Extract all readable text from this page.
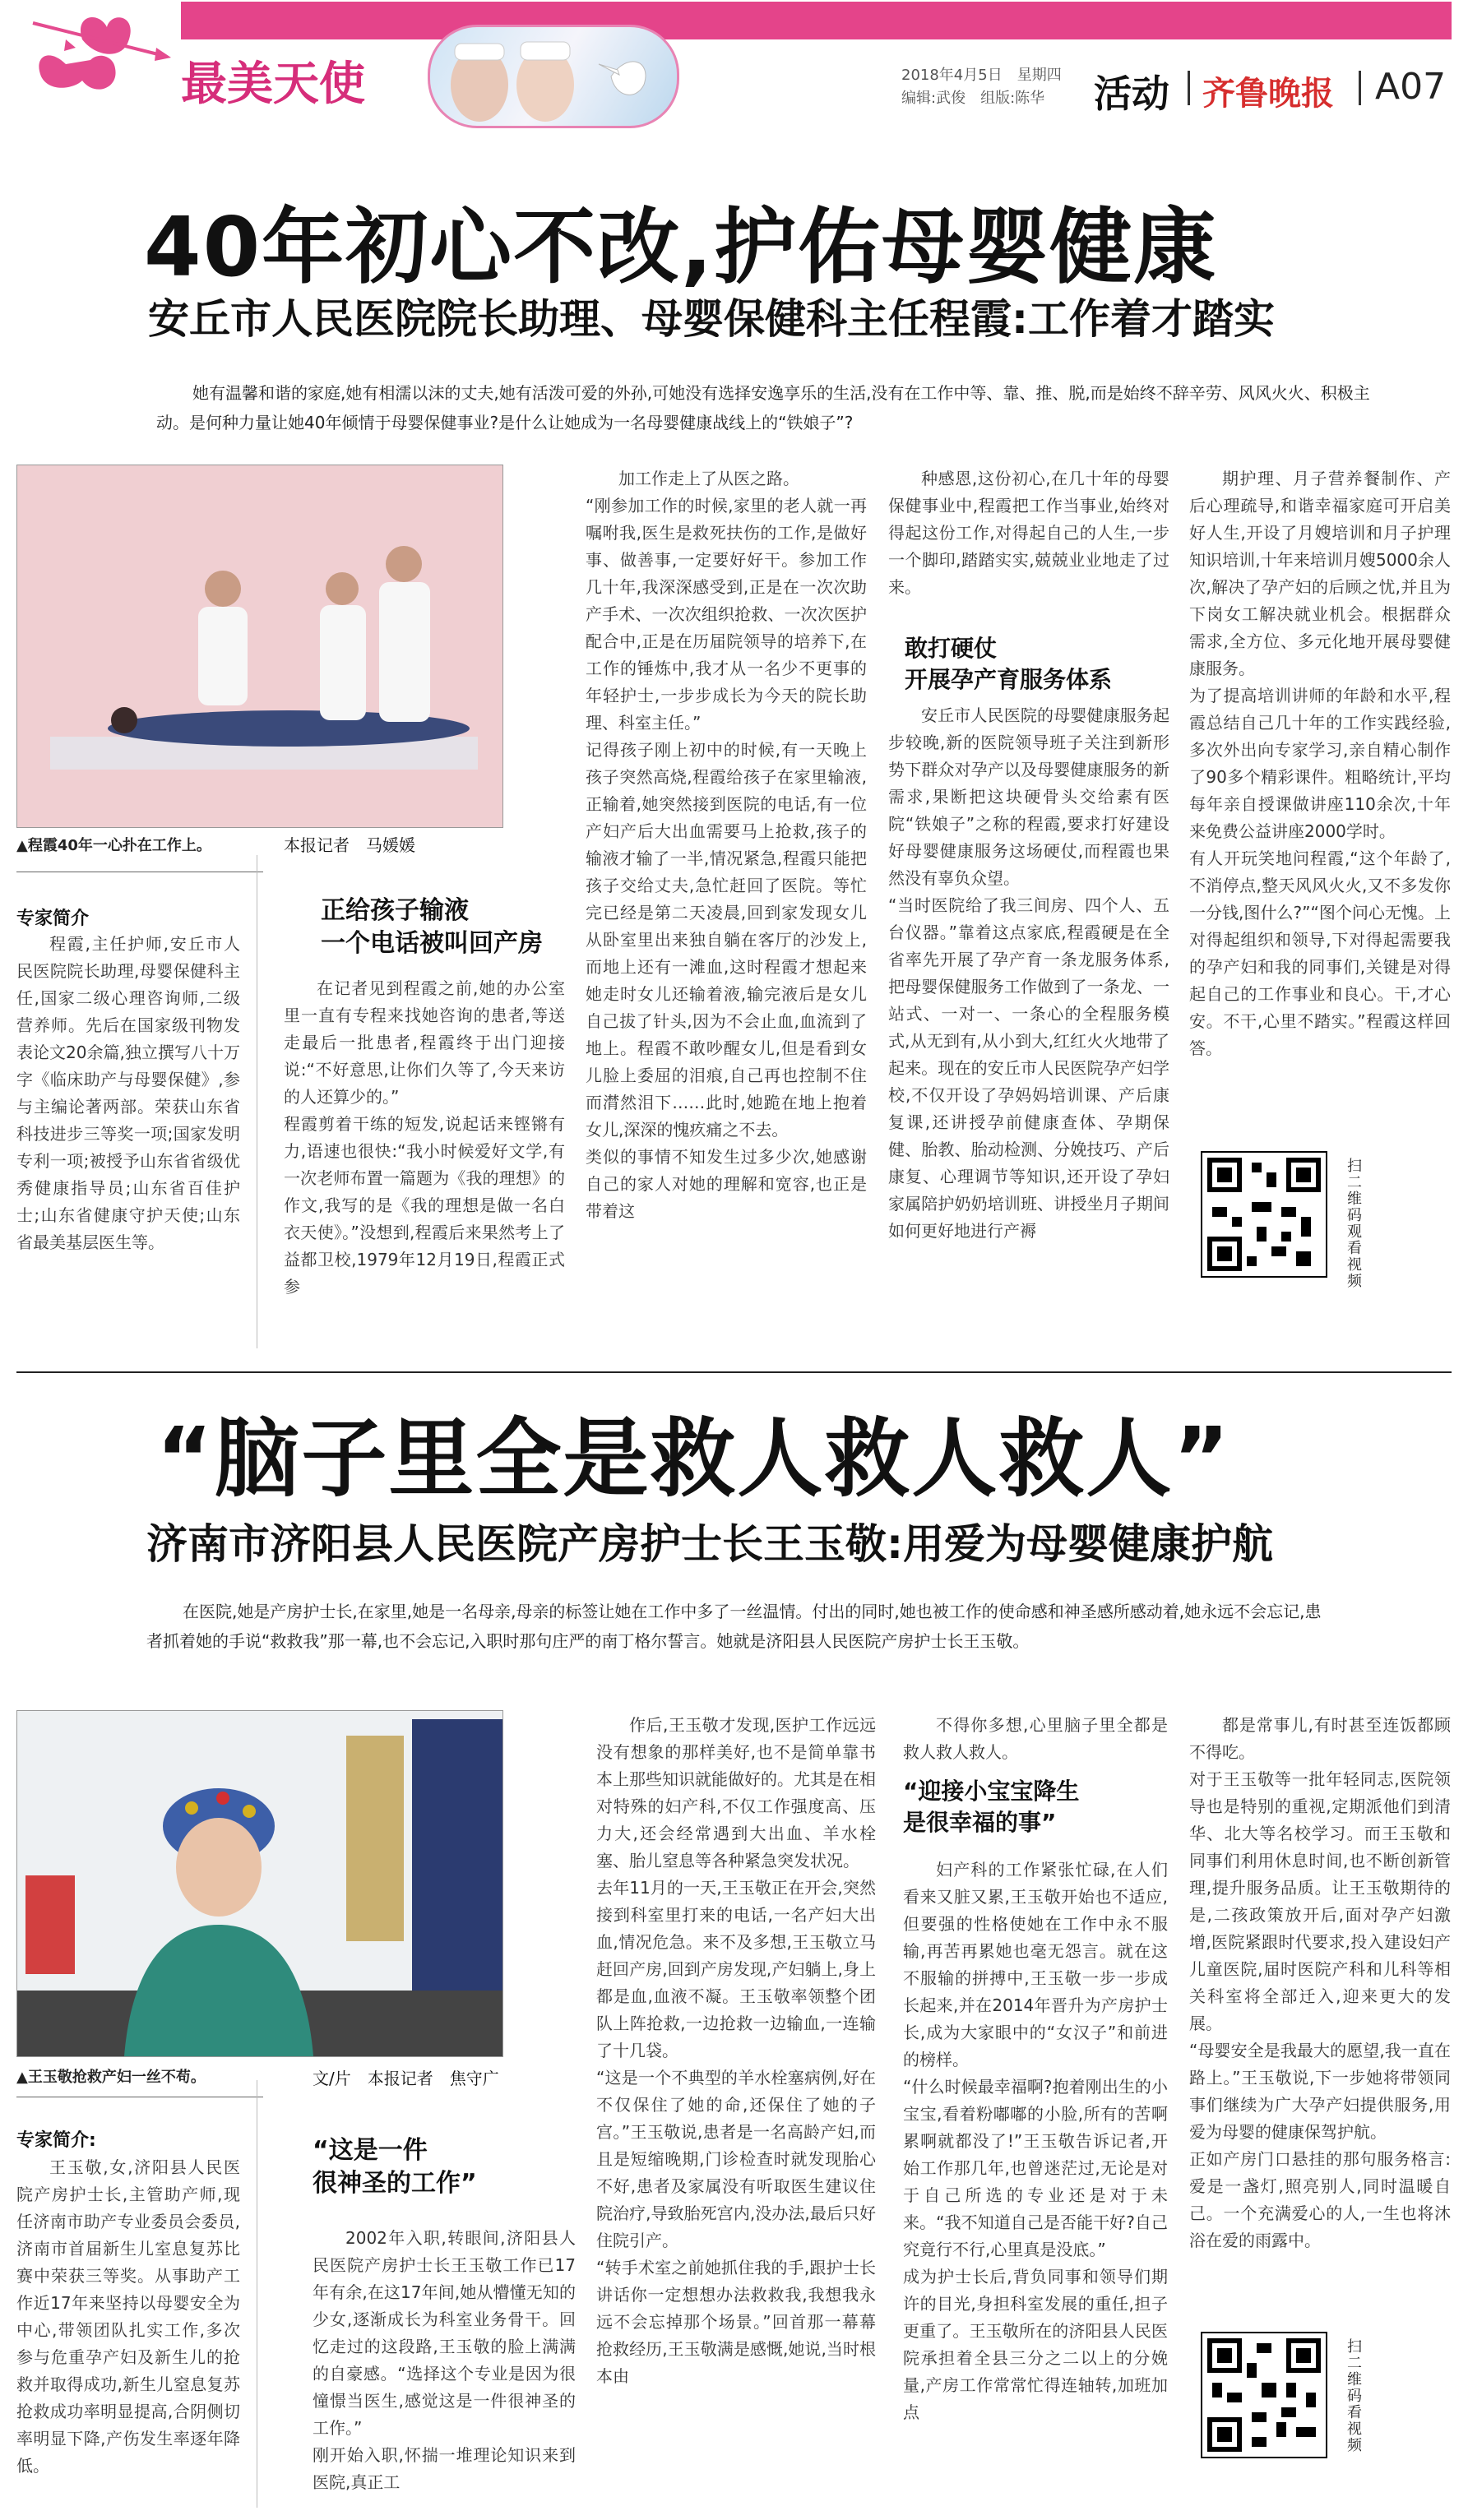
最美天使	2018年4月5日　星期四
编辑:武俊　组版:陈华 活动 齐鲁晚报 A07
40年初心不改,护佑母婴健康
安丘市人民医院院长助理、母婴保健科主任程霞:工作着才踏实
她有温馨和谐的家庭,她有相濡以沫的丈夫,她有活泼可爱的外孙,可她没有选择安逸享乐的生活,没有在工作中等、靠、推、脱,而是始终不辞辛劳、风风火火、积极主动。是何种力量让她40年倾情于母婴保健事业?是什么让她成为一名母婴健康战线上的“铁娘子”?
▲程霞40年一心扑在工作上。
专家简介
程霞,主任护师,安丘市人民医院院长助理,母婴保健科主任,国家二级心理咨询师,二级营养师。先后在国家级刊物发表论文20余篇,独立撰写八十万字《临床助产与母婴保健》,参与主编论著两部。荣获山东省科技进步三等奖一项;国家发明专利一项;被授予山东省省级优秀健康指导员;山东省百佳护士;山东省健康守护天使;山东省最美基层医生等。
本报记者　马媛媛
正给孩子输液
一个电话被叫回产房
在记者见到程霞之前,她的办公室里一直有专程来找她咨询的患者,等送走最后一批患者,程霞终于出门迎接说:“不好意思,让你们久等了,今天来访的人还算少的。”
程霞剪着干练的短发,说起话来铿锵有力,语速也很快:“我小时候爱好文学,有一次老师布置一篇题为《我的理想》的作文,我写的是《我的理想是做一名白衣天使》。”没想到,程霞后来果然考上了益都卫校,1979年12月19日,程霞正式参
加工作走上了从医之路。
“刚参加工作的时候,家里的老人就一再嘱咐我,医生是救死扶伤的工作,是做好事、做善事,一定要好好干。参加工作几十年,我深深感受到,正是在一次次助产手术、一次次组织抢救、一次次医护配合中,正是在历届院领导的培养下,在工作的锤炼中,我才从一名少不更事的年轻护士,一步步成长为今天的院长助理、科室主任。”
记得孩子刚上初中的时候,有一天晚上孩子突然高烧,程霞给孩子在家里输液,正输着,她突然接到医院的电话,有一位产妇产后大出血需要马上抢救,孩子的输液才输了一半,情况紧急,程霞只能把孩子交给丈夫,急忙赶回了医院。等忙完已经是第二天凌晨,回到家发现女儿从卧室里出来独自躺在客厅的沙发上,而地上还有一滩血,这时程霞才想起来她走时女儿还输着液,输完液后是女儿自己拔了针头,因为不会止血,血流到了地上。程霞不敢吵醒女儿,但是看到女儿脸上委屈的泪痕,自己再也控制不住而潸然泪下……此时,她跪在地上抱着女儿,深深的愧疚痛之不去。
类似的事情不知发生过多少次,她感谢自己的家人对她的理解和宽容,也正是带着这
种感恩,这份初心,在几十年的母婴保健事业中,程霞把工作当事业,始终对得起这份工作,对得起自己的人生,一步一个脚印,踏踏实实,兢兢业业地走了过来。
敢打硬仗
开展孕产育服务体系
安丘市人民医院的母婴健康服务起步较晚,新的医院领导班子关注到新形势下群众对孕产以及母婴健康服务的新需求,果断把这块硬骨头交给素有医院“铁娘子”之称的程霞,要求打好建设好母婴健康服务这场硬仗,而程霞也果然没有辜负众望。
“当时医院给了我三间房、四个人、五台仪器。”靠着这点家底,程霞硬是在全省率先开展了孕产育一条龙服务体系,把母婴保健服务工作做到了一条龙、一站式、一对一、一条心的全程服务模式,从无到有,从小到大,红红火火地带了起来。现在的安丘市人民医院孕产妇学校,不仅开设了孕妈妈培训课、产后康复课,还讲授孕前健康查体、孕期保健、胎教、胎动检测、分娩技巧、产后康复、心理调节等知识,还开设了孕妇家属陪护奶奶培训班、讲授坐月子期间如何更好地进行产褥
期护理、月子营养餐制作、产后心理疏导,和谐幸福家庭可开启美好人生,开设了月嫂培训和月子护理知识培训,十年来培训月嫂5000余人次,解决了孕产妇的后顾之忧,并且为下岗女工解决就业机会。根据群众需求,全方位、多元化地开展母婴健康服务。
为了提高培训讲师的年龄和水平,程霞总结自己几十年的工作实践经验,多次外出向专家学习,亲自精心制作了90多个精彩课件。粗略统计,平均每年亲自授课做讲座110余次,十年来免费公益讲座2000学时。
有人开玩笑地问程霞,“这个年龄了,不消停点,整天风风火火,又不多发你一分钱,图什么?”“图个问心无愧。上对得起组织和领导,下对得起需要我的孕产妇和我的同事们,关键是对得起自己的工作事业和良心。干,才心安。不干,心里不踏实。”程霞这样回答。
扫二维码观看视频
“脑子里全是救人救人救人”
济南市济阳县人民医院产房护士长王玉敬:用爱为母婴健康护航
在医院,她是产房护士长,在家里,她是一名母亲,母亲的标签让她在工作中多了一丝温情。付出的同时,她也被工作的使命感和神圣感所感动着,她永远不会忘记,患者抓着她的手说“救救我”那一幕,也不会忘记,入职时那句庄严的南丁格尔誓言。她就是济阳县人民医院产房护士长王玉敬。
▲王玉敬抢救产妇一丝不苟。
专家简介:
王玉敬,女,济阳县人民医院产房护士长,主管助产师,现任济南市助产专业委员会委员,济南市首届新生儿室息复苏比赛中荣获三等奖。从事助产工作近17年来坚持以母婴安全为中心,带领团队扎实工作,多次参与危重孕产妇及新生儿的抢救并取得成功,新生儿窒息复苏抢救成功率明显提高,合阴侧切率明显下降,产伤发生率逐年降低。
文/片　本报记者　焦守广
“这是一件
很神圣的工作”
2002年入职,转眼间,济阳县人民医院产房护士长王玉敬工作已17年有余,在这17年间,她从懵懂无知的少女,逐渐成长为科室业务骨干。回忆走过的这段路,王玉敬的脸上满满的自豪感。“选择这个专业是因为很憧憬当医生,感觉这是一件很神圣的工作。”
刚开始入职,怀揣一堆理论知识来到医院,真正工
作后,王玉敬才发现,医护工作远远没有想象的那样美好,也不是简单靠书本上那些知识就能做好的。尤其是在相对特殊的妇产科,不仅工作强度高、压力大,还会经常遇到大出血、羊水栓塞、胎儿窒息等各种紧急突发状况。
去年11月的一天,王玉敬正在开会,突然接到科室里打来的电话,一名产妇大出血,情况危急。来不及多想,王玉敬立马赶回产房,回到产房发现,产妇躺上,身上都是血,血液不凝。王玉敬率领整个团队上阵抢救,一边抢救一边输血,一连输了十几袋。
“这是一个不典型的羊水栓塞病例,好在不仅保住了她的命,还保住了她的子宫。”王玉敬说,患者是一名高龄产妇,而且是短缩晚期,门诊检查时就发现胎心不好,患者及家属没有听取医生建议住院治疗,导致胎死宫内,没办法,最后只好住院引产。
“转手术室之前她抓住我的手,跟护士长讲话你一定想想办法救救我,我想我永远不会忘掉那个场景。”回首那一幕幕抢救经历,王玉敬满是感慨,她说,当时根本由
不得你多想,心里脑子里全都是救人救人救人。
“迎接小宝宝降生
是很幸福的事”
妇产科的工作紧张忙碌,在人们看来又脏又累,王玉敬开始也不适应,但要强的性格使她在工作中永不服输,再苦再累她也毫无怨言。就在这不服输的拼搏中,王玉敬一步一步成长起来,并在2014年晋升为产房护士长,成为大家眼中的“女汉子”和前进的榜样。
“什么时候最幸福啊?抱着刚出生的小宝宝,看着粉嘟嘟的小脸,所有的苦啊累啊就都没了!”王玉敬告诉记者,开始工作那几年,也曾迷茫过,无论是对于自己所选的专业还是对于未来。“我不知道自己是否能干好?自己究竟行不行,心里真是没底。”
成为护士长后,背负同事和领导们期许的目光,身担科室发展的重任,担子更重了。王玉敬所在的济阳县人民医院承担着全县三分之二以上的分娩量,产房工作常常忙得连轴转,加班加点
都是常事儿,有时甚至连饭都顾不得吃。
对于王玉敬等一批年轻同志,医院领导也是特别的重视,定期派他们到清华、北大等名校学习。而王玉敬和同事们利用休息时间,也不断创新管理,提升服务品质。让王玉敬期待的是,二孩政策放开后,面对孕产妇激增,医院紧跟时代要求,投入建设妇产儿童医院,届时医院产科和儿科等相关科室将全部迁入,迎来更大的发展。
“母婴安全是我最大的愿望,我一直在路上。”王玉敬说,下一步她将带领同事们继续为广大孕产妇提供服务,用爱为母婴的健康保驾护航。
正如产房门口悬挂的那句服务格言:爱是一盏灯,照亮别人,同时温暖自己。一个充满爱心的人,一生也将沐浴在爱的雨露中。
扫二维码看视频
